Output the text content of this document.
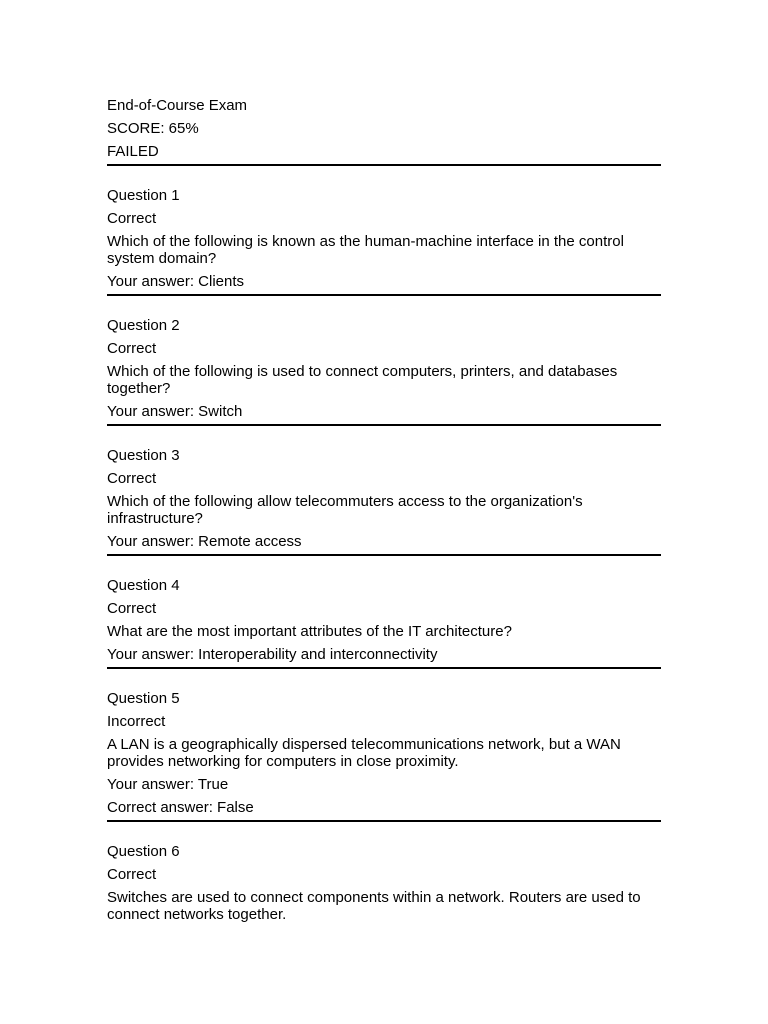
End-of-Course Exam
SCORE: 65%
FAILED
Question 1
Correct
Which of the following is known as the human-machine interface in the control system domain?
Your answer: Clients
Question 2
Correct
Which of the following is used to connect computers, printers, and databases together?
Your answer: Switch
Question 3
Correct
Which of the following allow telecommuters access to the organization's infrastructure?
Your answer: Remote access
Question 4
Correct
What are the most important attributes of the IT architecture?
Your answer: Interoperability and interconnectivity
Question 5
Incorrect
A LAN is a geographically dispersed telecommunications network, but a WAN provides networking for computers in close proximity.
Your answer: True
Correct answer: False
Question 6
Correct
Switches are used to connect components within a network. Routers are used to connect networks together.
